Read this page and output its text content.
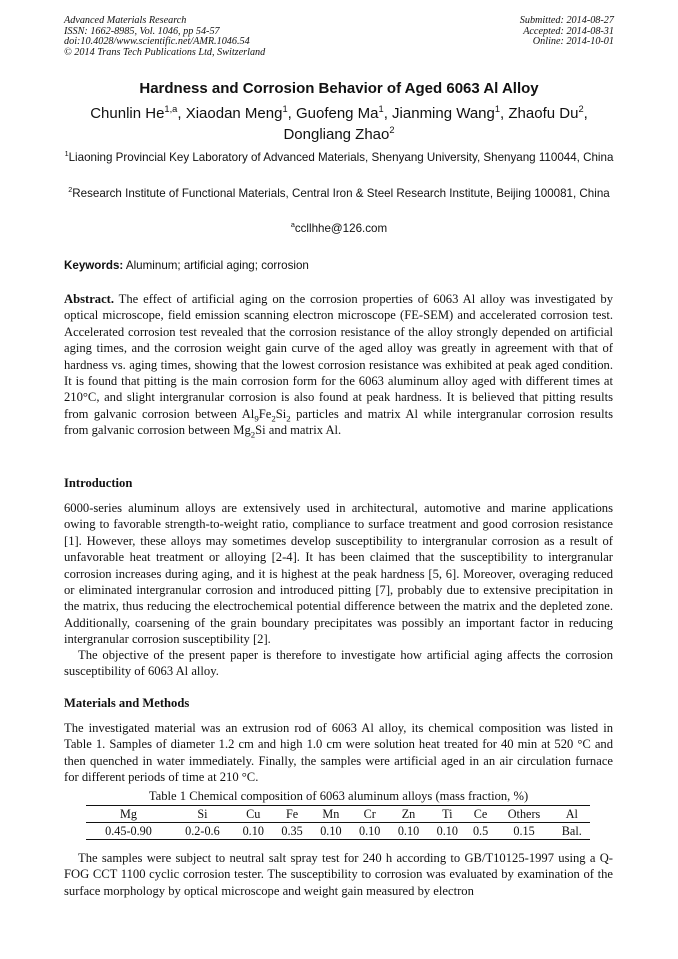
Advanced Materials Research
ISSN: 1662-8985, Vol. 1046, pp 54-57
doi:10.4028/www.scientific.net/AMR.1046.54
© 2014 Trans Tech Publications Ltd, Switzerland
Submitted: 2014-08-27
Accepted: 2014-08-31
Online: 2014-10-01
Hardness and Corrosion Behavior of Aged 6063 Al Alloy
Chunlin He$^{1,a}$, Xiaodan Meng$^1$, Guofeng Ma$^1$, Jianming Wang$^1$, Zhaofu Du$^2$,
Dongliang Zhao$^2$
$^1$Liaoning Provincial Key Laboratory of Advanced Materials, Shenyang University, Shenyang 110044, China
$^2$Research Institute of Functional Materials, Central Iron & Steel Research Institute, Beijing 100081, China
$^a$ccllhhe@126.com
Keywords: Aluminum; artificial aging; corrosion
Abstract. The effect of artificial aging on the corrosion properties of 6063 Al alloy was investigated by optical microscope, field emission scanning electron microscope (FE-SEM) and accelerated corrosion test. Accelerated corrosion test revealed that the corrosion resistance of the alloy strongly depended on artificial aging times, and the corrosion weight gain curve of the aged alloy was greatly in agreement with that of hardness vs. aging times, showing that the lowest corrosion resistance was exhibited at peak aged condition. It is found that pitting is the main corrosion form for the 6063 aluminum alloy aged with different times at 210°C, and slight intergranular corrosion is also found at peak hardness. It is believed that pitting results from galvanic corrosion between $Al_9Fe_2Si_2$ particles and matrix Al while intergranular corrosion results from galvanic corrosion between $Mg_2Si$ and matrix Al.
Introduction
6000-series aluminum alloys are extensively used in architectural, automotive and marine applications owing to favorable strength-to-weight ratio, compliance to surface treatment and good corrosion resistance [1]. However, these alloys may sometimes develop susceptibility to intergranular corrosion as a result of unfavorable heat treatment or alloying [2-4]. It has been claimed that the susceptibility to intergranular corrosion increases during aging, and it is highest at the peak hardness [5, 6]. Moreover, overaging reduced or eliminated intergranular corrosion and introduced pitting [7], probably due to extensive precipitation in the matrix, thus reducing the electrochemical potential difference between the matrix and the depleted zone. Additionally, coarsening of the grain boundary precipitates was possibly an important factor in reducing intergranular corrosion susceptibility [2].
The objective of the present paper is therefore to investigate how artificial aging affects the corrosion susceptibility of 6063 Al alloy.
Materials and Methods
The investigated material was an extrusion rod of 6063 Al alloy, its chemical composition was listed in Table 1. Samples of diameter 1.2 cm and high 1.0 cm were solution heat treated for 40 min at 520 °C and then quenched in water immediately. Finally, the samples were artificial aged in an air circulation furnace for different periods of time at 210 °C.
Table 1 Chemical composition of 6063 aluminum alloys (mass fraction, %)
Mg	Si	Cu	Fe	Mn	Cr	Zn	Ti	Ce	Others	Al
0.45-0.90	0.2-0.6	0.10	0.35	0.10	0.10	0.10	0.10	0.5	0.15	Bal.
The samples were subject to neutral salt spray test for 240 h according to GB/T10125-1997 using a Q-FOG CCT 1100 cyclic corrosion tester. The susceptibility to corrosion was evaluated by examination of the surface morphology by optical microscope and weight gain measured by electron
